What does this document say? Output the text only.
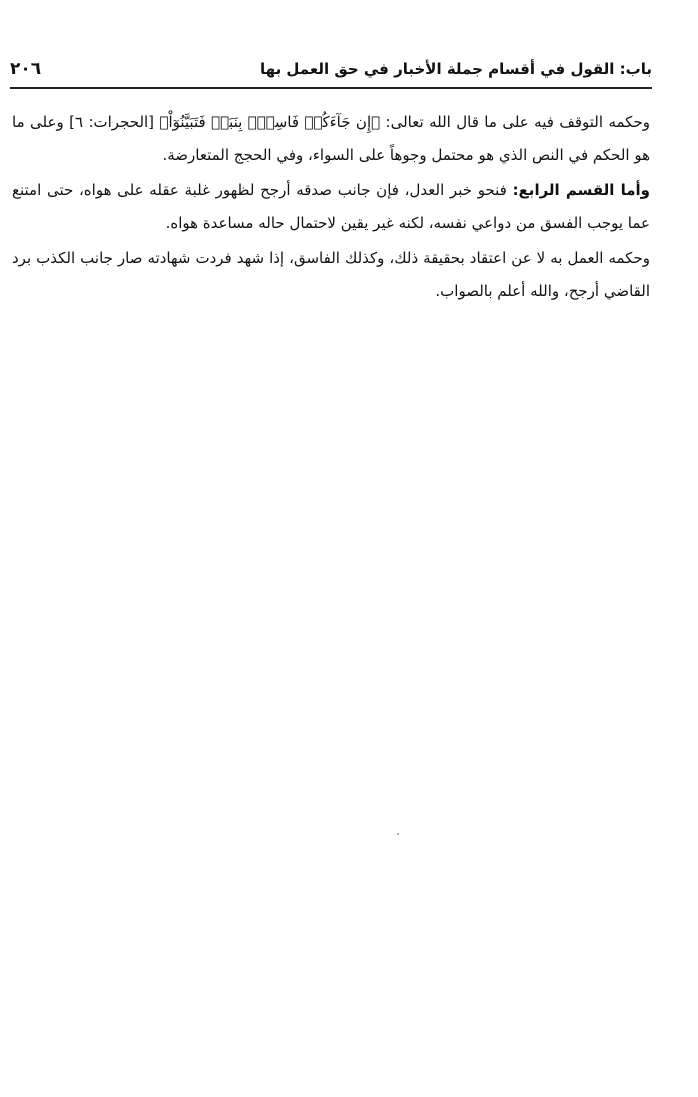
باب: القول في أقسام جملة الأخبار في حق العمل بها
٢٠٦

وحكمه التوقف فيه على ما قال الله تعالى: ﴿إِن جَآءَكُمۡ فَاسِقُۢ بِنَبَإٖ فَتَبَيَّنُوٓاْ﴾ [الحجرات: ٦] وعلى ما هو الحكم في النص الذي هو محتمل وجوهاً على السواء، وفي الحجج المتعارضة.

وأما القسم الرابع: فنحو خبر العدل، فإن جانب صدقه أرجح لظهور غلبة عقله على هواه، حتى امتنع عما يوجب الفسق من دواعي نفسه، لكنه غير يقين لاحتمال حاله مساعدة هواه.

وحكمه العمل به لا عن اعتقاد بحقيقة ذلك، وكذلك الفاسق، إذا شهد فردت شهادته صار جانب الكذب برد القاضي أرجح، والله أعلم بالصواب.
